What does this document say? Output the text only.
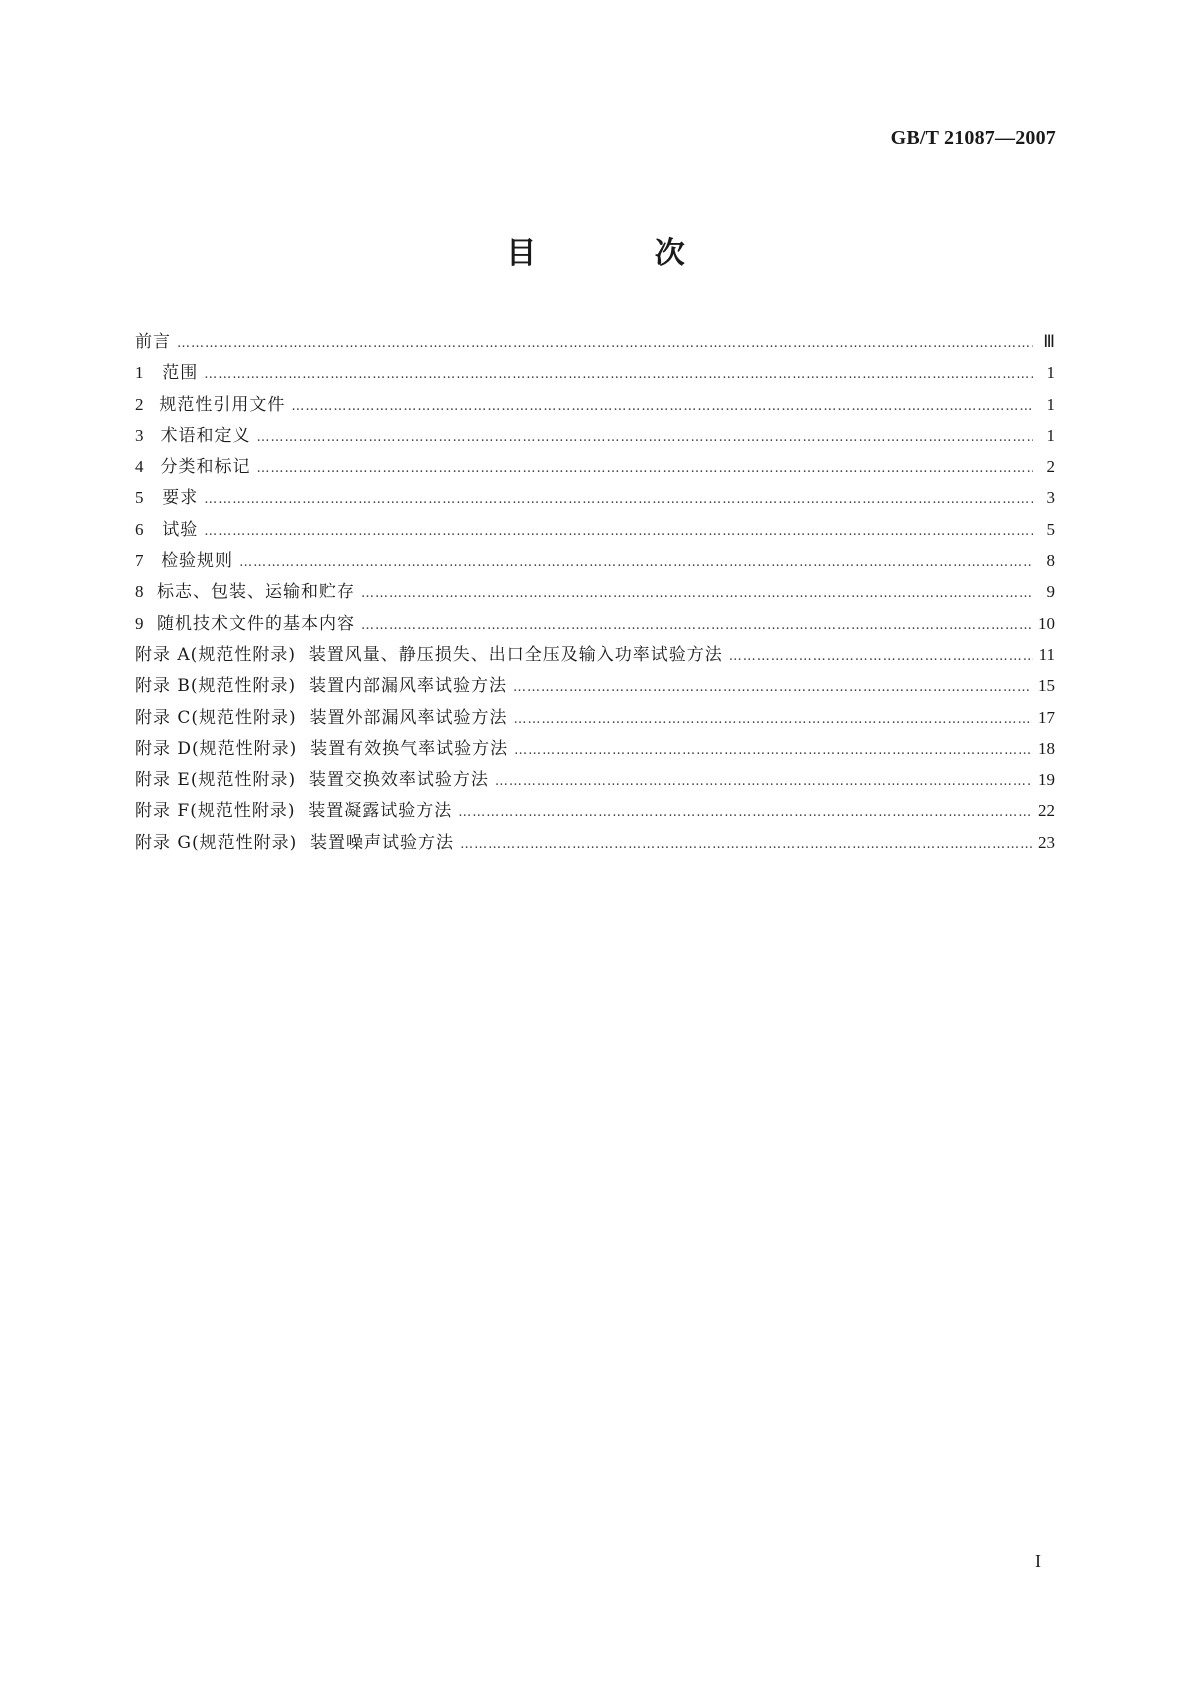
GB/T 21087—2007
目 次
前言 ……………………………………………………………………………………………………………………………………………………………………………………………………	Ⅲ
1	范围 ……………………………………………………………………………………………………………………………………………………………………………………………………	1
2 规范性引用文件 ……………………………………………………………………………………………………………………………………………………………………………………………………	1
3 术语和定义 ……………………………………………………………………………………………………………………………………………………………………………………………………	1
4 分类和标记 ……………………………………………………………………………………………………………………………………………………………………………………………………	2
5	要求 ……………………………………………………………………………………………………………………………………………………………………………………………………	3
6	试验 ……………………………………………………………………………………………………………………………………………………………………………………………………	5
7	检验规则 ……………………………………………………………………………………………………………………………………………………………………………………………………	8
8 标志、包装、运输和贮存 ……………………………………………………………………………………………………………………………………………………………………………………………………	9
9 随机技术文件的基本内容 ……………………………………………………………………………………………………………………………………………………………………………………………………	10
附录 A(规范性附录)  装置风量、静压损失、出口全压及输入功率试验方法 ……………………………………………………………………………………………………………………………………………………………………………………………………	11
附录 B(规范性附录)  装置内部漏风率试验方法 ……………………………………………………………………………………………………………………………………………………………………………………………………	15
附录 C(规范性附录)  装置外部漏风率试验方法 ……………………………………………………………………………………………………………………………………………………………………………………………………	17
附录 D(规范性附录)  装置有效换气率试验方法 ……………………………………………………………………………………………………………………………………………………………………………………………………	18
附录 E(规范性附录)  装置交换效率试验方法 ……………………………………………………………………………………………………………………………………………………………………………………………………	19
附录 F(规范性附录)  装置凝露试验方法 ……………………………………………………………………………………………………………………………………………………………………………………………………	22
附录 G(规范性附录)  装置噪声试验方法 ……………………………………………………………………………………………………………………………………………………………………………………………………	23
I
